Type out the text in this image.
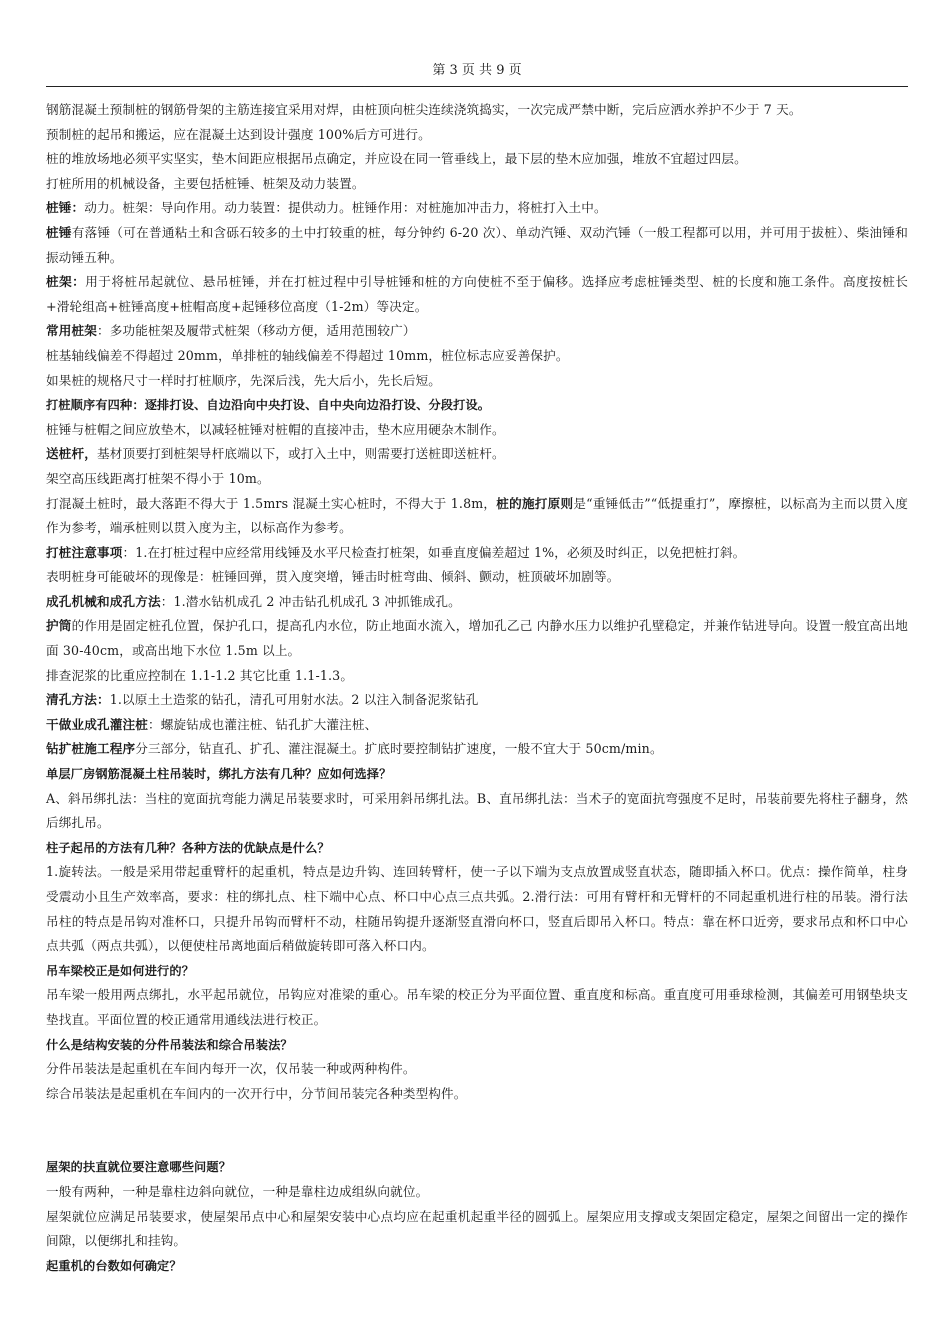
第 3 页 共 9 页

钢筋混凝土预制桩的钢筋骨架的主筋连接宜采用对焊，由桩顶向桩尖连续浇筑捣实，一次完成严禁中断，完后应洒水养护不少于 7 天。

预制桩的起吊和搬运，应在混凝土达到设计强度 100%后方可进行。

桩的堆放场地必须平实坚实，垫木间距应根据吊点确定，并应设在同一管垂线上，最下层的垫木应加强，堆放不宜超过四层。

打桩所用的机械设备，主要包括桩锤、桩架及动力装置。

桩锤：动力。桩架：导向作用。动力装置：提供动力。桩锤作用：对桩施加冲击力，将桩打入土中。

桩锤有落锤（可在普通粘土和含砾石较多的土中打较重的桩，每分钟约 6-20 次）、单动汽锤、双动汽锤（一般工程都可以用，并可用于拔桩）、柴油锤和振动锤五种。

桩架：用于将桩吊起就位、悬吊桩锤，并在打桩过程中引导桩锤和桩的方向使桩不至于偏移。选择应考虑桩锤类型、桩的长度和施工条件。高度按桩长+滑轮组高+桩锤高度+桩帽高度+起锤移位高度（1-2m）等决定。

常用桩架：多功能桩架及履带式桩架（移动方便，适用范围较广）

桩基轴线偏差不得超过 20mm，单排桩的轴线偏差不得超过 10mm，桩位标志应妥善保护。

如果桩的规格尺寸一样时打桩顺序，先深后浅，先大后小，先长后短。

打桩顺序有四种：逐排打设、自边沿向中央打设、自中央向边沿打设、分段打设。

桩锤与桩帽之间应放垫木，以减轻桩锤对桩帽的直接冲击，垫木应用硬杂木制作。

送桩杆，基材顶要打到桩架导杆底端以下，或打入土中，则需要打送桩即送桩杆。

架空高压线距离打桩架不得小于 10m。

打混凝土桩时，最大落距不得大于 1.5mrs 混凝土实心桩时，不得大于 1.8m，桩的施打原则是“重锤低击”“低提重打”，摩擦桩，以标高为主而以贯入度作为参考，端承桩则以贯入度为主，以标高作为参考。

打桩注意事项：1.在打桩过程中应经常用线锤及水平尺检查打桩架，如垂直度偏差超过 1%，必须及时纠正，以免把桩打斜。

表明桩身可能破坏的现像是：桩锤回弹，贯入度突增，锤击时桩弯曲、倾斜、颤动，桩顶破坏加剧等。

成孔机械和成孔方法：1.潜水钻机成孔 2 冲击钻孔机成孔 3 冲抓锥成孔。

护筒的作用是固定桩孔位置，保护孔口，提高孔内水位，防止地面水流入，增加孔乙己 内静水压力以维护孔壁稳定，并兼作钻进导向。设置一般宜高出地面 30-40cm，或高出地下水位 1.5m 以上。

排查泥浆的比重应控制在 1.1-1.2 其它比重 1.1-1.3。

清孔方法：1.以原土土造浆的钻孔，清孔可用射水法。2 以注入制备泥浆钻孔

干做业成孔灌注桩：螺旋钻成也灌注桩、钻孔扩大灌注桩、

钻扩桩施工程序分三部分，钻直孔、扩孔、灌注混凝土。扩底时要控制钻扩速度，一般不宜大于 50cm/min。

单层厂房钢筋混凝土柱吊装时，绑扎方法有几种？应如何选择？

A、斜吊绑扎法：当柱的宽面抗弯能力满足吊装要求时，可采用斜吊绑扎法。B、直吊绑扎法：当术子的宽面抗弯强度不足时，吊装前要先将柱子翻身，然后绑扎吊。

柱子起吊的方法有几种？各种方法的优缺点是什么？

1.旋转法。一般是采用带起重臂杆的起重机，特点是边升钩、连回转臂杆，使一子以下端为支点放置成竖直状态，随即插入杯口。优点：操作简单，柱身受震动小且生产效率高，要求：柱的绑扎点、柱下端中心点、杯口中心点三点共弧。2.滑行法：可用有臂杆和无臂杆的不同起重机进行柱的吊装。滑行法吊柱的特点是吊钩对准杯口，只提升吊钩而臂杆不动，柱随吊钩提升逐渐竖直滑向杯口，竖直后即吊入杯口。特点：靠在杯口近旁，要求吊点和杯口中心点共弧（两点共弧），以便使柱吊离地面后稍做旋转即可落入杯口内。

吊车梁校正是如何进行的？

吊车梁一般用两点绑扎，水平起吊就位，吊钩应对准梁的重心。吊车梁的校正分为平面位置、重直度和标高。重直度可用垂球检测，其偏差可用钢垫块支垫找直。平面位置的校正通常用通线法进行校正。

什么是结构安装的分件吊装法和综合吊装法？

分件吊装法是起重机在车间内每开一次，仅吊装一种或两种构件。

综合吊装法是起重机在车间内的一次开行中，分节间吊装完各种类型构件。

屋架的扶直就位要注意哪些问题？

一般有两种，一种是靠柱边斜向就位，一种是靠柱边成组纵向就位。

屋架就位应满足吊装要求，使屋架吊点中心和屋架安装中心点均应在起重机起重半径的圆弧上。屋架应用支撑或支架固定稳定，屋架之间留出一定的操作间隙，以便绑扎和挂钩。

起重机的台数如何确定？
